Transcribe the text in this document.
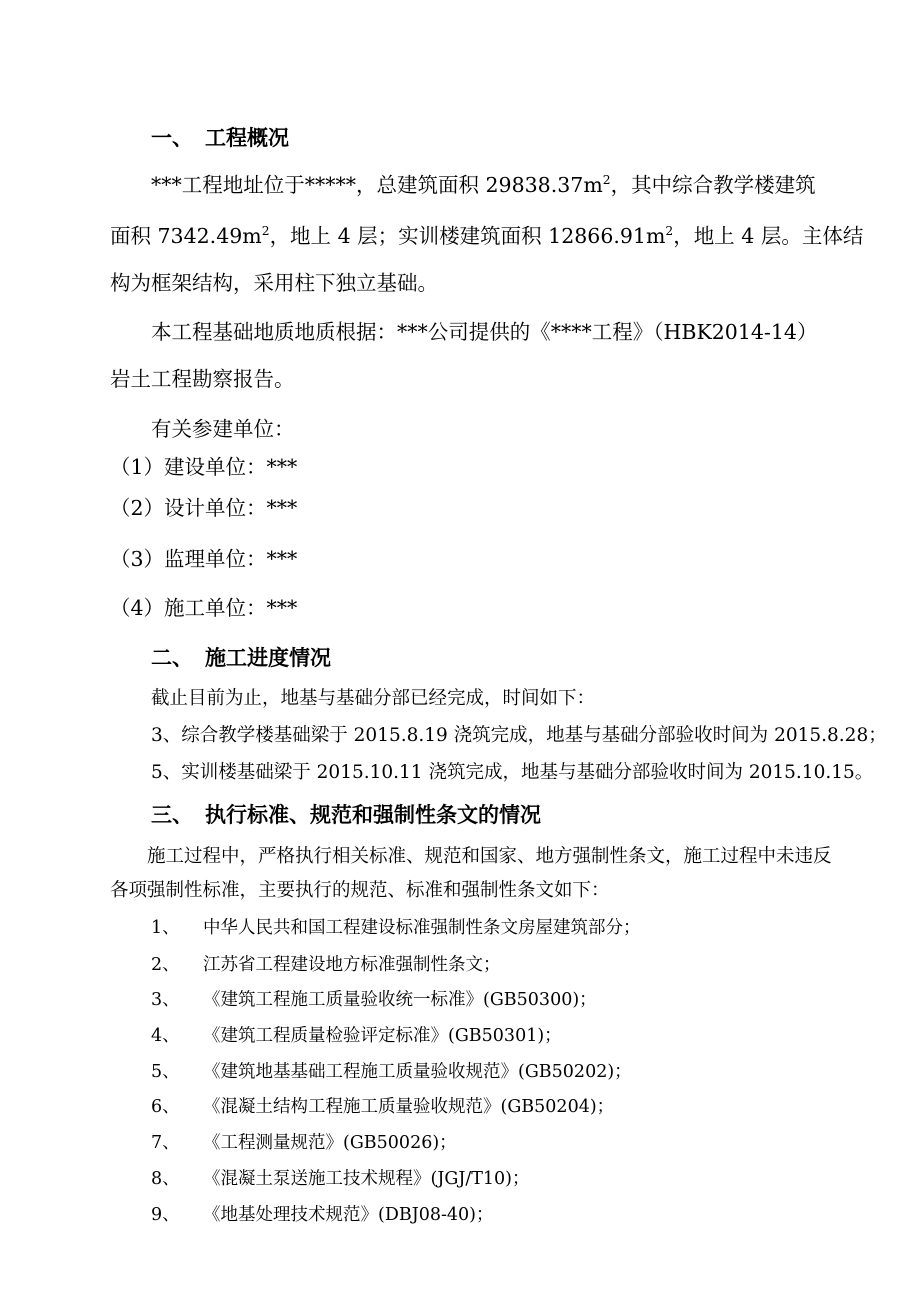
一、 工程概况
***工程地址位于*****，总建筑面积 $29838.37m^2$，其中综合教学楼建筑
面积 $7342.49m^2$，地上 4 层；实训楼建筑面积 $12866.91m^2$，地上 4 层。主体结
构为框架结构，采用柱下独立基础。
本工程基础地质地质根据：***公司提供的《****工程》（HBK2014-14）
岩土工程勘察报告。
有关参建单位：
（1）建设单位：***
（2）设计单位：***
（3）监理单位：***
（4）施工单位：***
二、 施工进度情况
截止目前为止，地基与基础分部已经完成，时间如下：
3、综合教学楼基础梁于 2015.8.19 浇筑完成，地基与基础分部验收时间为 2015.8.28；
5、实训楼基础梁于 2015.10.11 浇筑完成，地基与基础分部验收时间为 2015.10.15。
三、 执行标准、规范和强制性条文的情况
施工过程中，严格执行相关标准、规范和国家、地方强制性条文，施工过程中未违反
各项强制性标准，主要执行的规范、标准和强制性条文如下：
1、 中华人民共和国工程建设标准强制性条文房屋建筑部分；
2、 江苏省工程建设地方标准强制性条文；
3、 《建筑工程施工质量验收统一标准》(GB50300)；
4、 《建筑工程质量检验评定标准》(GB50301)；
5、 《建筑地基基础工程施工质量验收规范》(GB50202)；
6、 《混凝土结构工程施工质量验收规范》(GB50204)；
7、 《工程测量规范》(GB50026)；
8、 《混凝土泵送施工技术规程》(JGJ/T10)；
9、 《地基处理技术规范》(DBJ08-40)；
